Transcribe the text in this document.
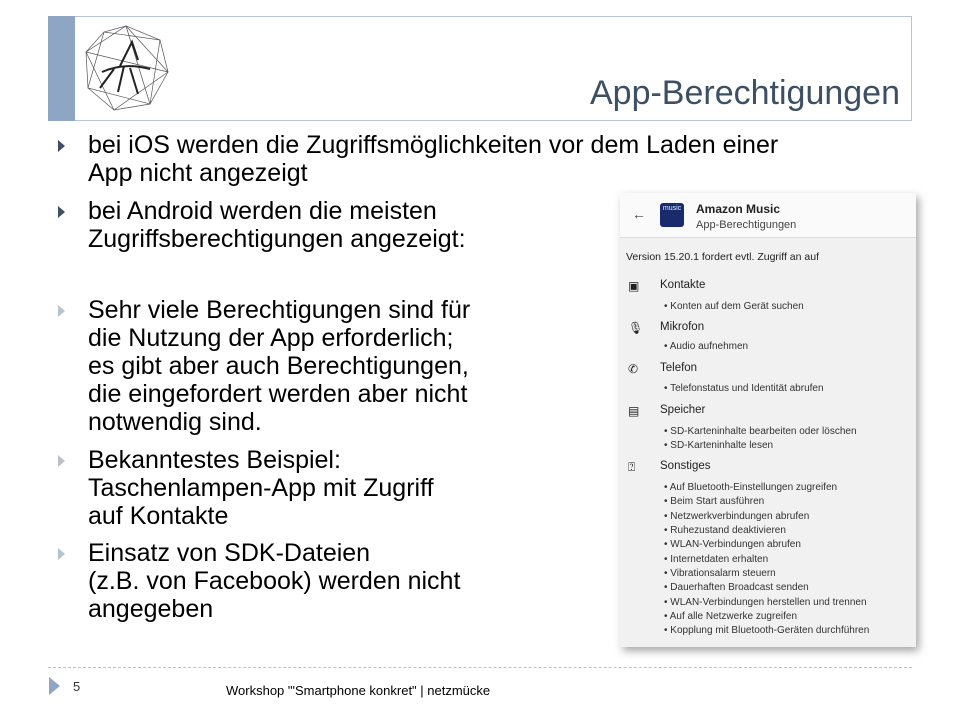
App-Berechtigungen
bei iOS werden die Zugriffsmöglichkeiten vor dem Laden einer
App nicht angezeigt
bei Android werden die meisten
Zugriffsberechtigungen angezeigt:
Sehr viele Berechtigungen sind für
die Nutzung der App erforderlich;
es gibt aber auch Berechtigungen,
die eingefordert werden aber nicht
notwendig sind.
Bekanntestes Beispiel:
Taschenlampen-App mit Zugriff
auf Kontakte
Einsatz von SDK-Dateien
(z.B. von Facebook) werden nicht
angegeben
←	music Amazon Music
App-Berechtigungen
Version 15.20.1 fordert evtl. Zugriff an auf
▣ Kontakte
• Konten auf dem Gerät suchen
🎙 Mikrofon
• Audio aufnehmen
✆	Telefon
• Telefonstatus und Identität abrufen
▤ Speicher
• SD-Karteninhalte bearbeiten oder löschen
• SD-Karteninhalte lesen
⍰	Sonstiges
• Auf Bluetooth-Einstellungen zugreifen
• Beim Start ausführen
• Netzwerkverbindungen abrufen
• Ruhezustand deaktivieren
• WLAN-Verbindungen abrufen
• Internetdaten erhalten
• Vibrationsalarm steuern
• Dauerhaften Broadcast senden
• WLAN-Verbindungen herstellen und trennen
• Auf alle Netzwerke zugreifen
• Kopplung mit Bluetooth-Geräten durchführen
5	Workshop "'Smartphone konkret" | netzmücke
